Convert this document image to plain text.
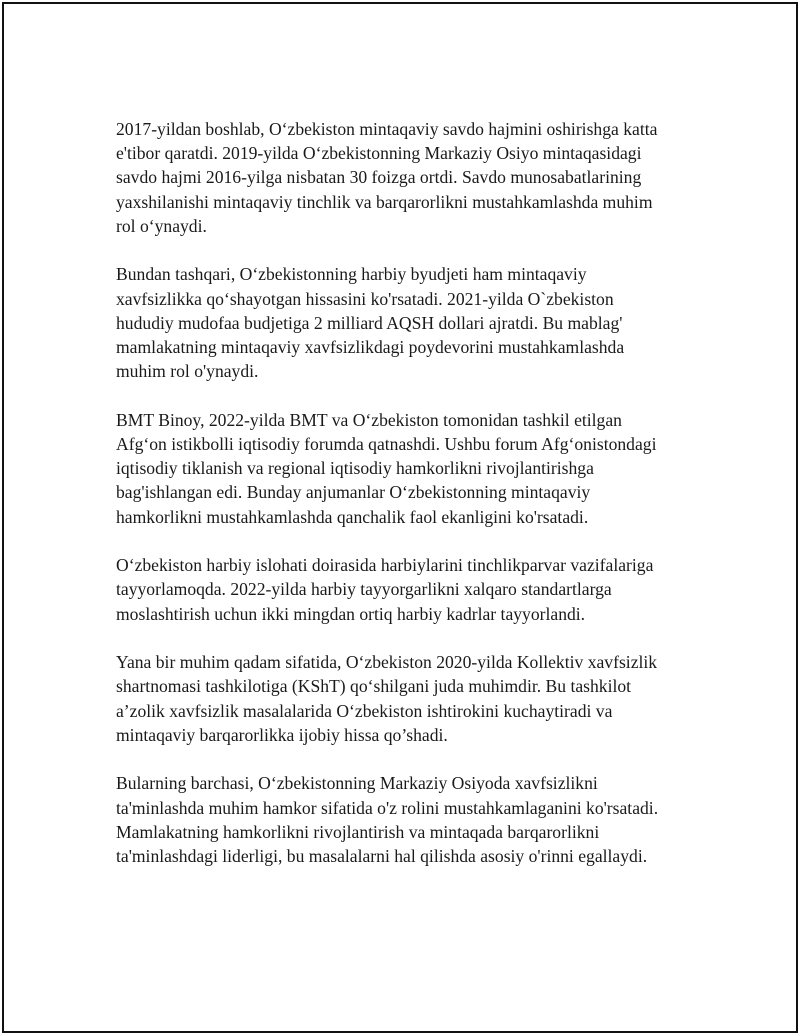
2017-yildan boshlab, O‘zbekiston mintaqaviy savdo hajmini oshirishga katta
e'tibor qaratdi. 2019-yilda O‘zbekistonning Markaziy Osiyo mintaqasidagi
savdo hajmi 2016-yilga nisbatan 30 foizga ortdi. Savdo munosabatlarining
yaxshilanishi mintaqaviy tinchlik va barqarorlikni mustahkamlashda muhim
rol o‘ynaydi.

Bundan tashqari, O‘zbekistonning harbiy byudjeti ham mintaqaviy
xavfsizlikka qo‘shayotgan hissasini ko'rsatadi. 2021-yilda O`zbekiston
hududiy mudofaa budjetiga 2 milliard AQSH dollari ajratdi. Bu mablag'
mamlakatning mintaqaviy xavfsizlikdagi poydevorini mustahkamlashda
muhim rol o'ynaydi.

BMT Binoy, 2022-yilda BMT va O‘zbekiston tomonidan tashkil etilgan
Afg‘on istikbolli iqtisodiy forumda qatnashdi. Ushbu forum Afg‘onistondagi
iqtisodiy tiklanish va regional iqtisodiy hamkorlikni rivojlantirishga
bag'ishlangan edi. Bunday anjumanlar O‘zbekistonning mintaqaviy
hamkorlikni mustahkamlashda qanchalik faol ekanligini ko'rsatadi.

O‘zbekiston harbiy islohati doirasida harbiylarini tinchlikparvar vazifalariga
tayyorlamoqda. 2022-yilda harbiy tayyorgarlikni xalqaro standartlarga
moslashtirish uchun ikki mingdan ortiq harbiy kadrlar tayyorlandi.

Yana bir muhim qadam sifatida, O‘zbekiston 2020-yilda Kollektiv xavfsizlik
shartnomasi tashkilotiga (KShT) qo‘shilgani juda muhimdir. Bu tashkilot
a’zolik xavfsizlik masalalarida O‘zbekiston ishtirokini kuchaytiradi va
mintaqaviy barqarorlikka ijobiy hissa qo’shadi.

Bularning barchasi, O‘zbekistonning Markaziy Osiyoda xavfsizlikni
ta'minlashda muhim hamkor sifatida o'z rolini mustahkamlaganini ko'rsatadi.
Mamlakatning hamkorlikni rivojlantirish va mintaqada barqarorlikni
ta'minlashdagi liderligi, bu masalalarni hal qilishda asosiy o'rinni egallaydi.
